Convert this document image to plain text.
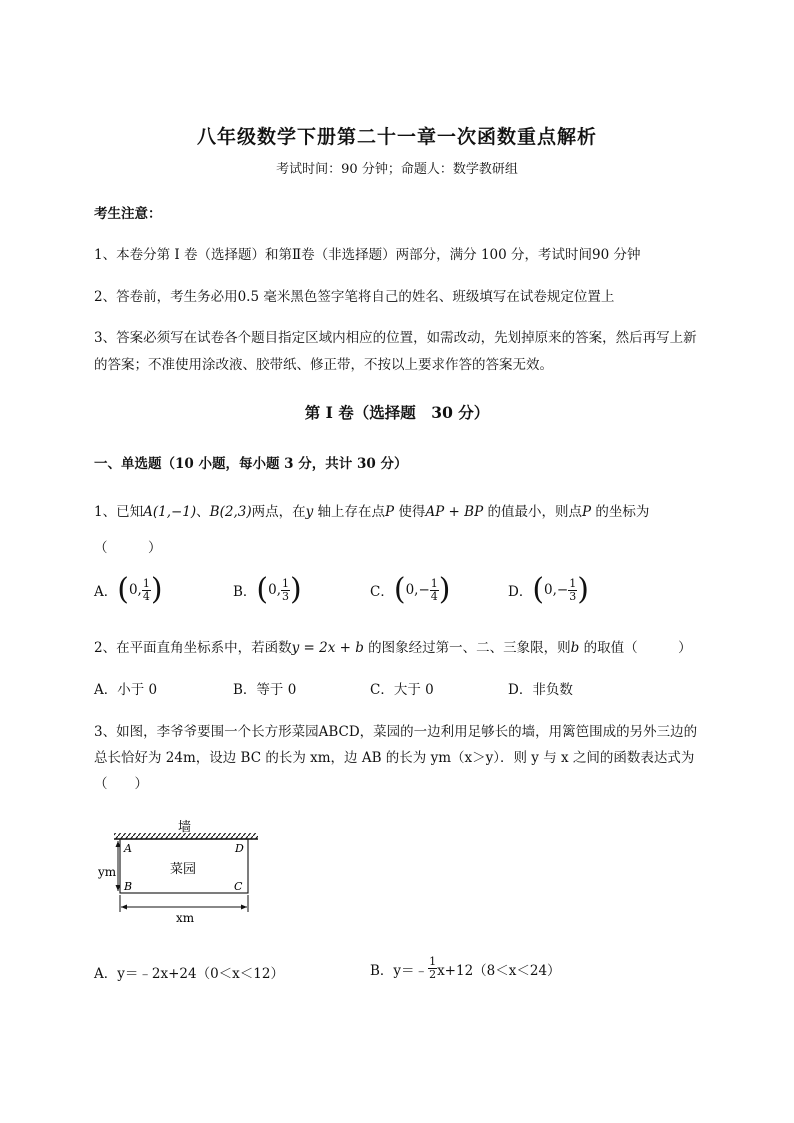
八年级数学下册第二十一章一次函数重点解析
考试时间：90 分钟；命题人：数学教研组
考生注意：
1、本卷分第 I 卷（选择题）和第Ⅱ卷（非选择题）两部分，满分 100 分，考试时间90 分钟
2、答卷前，考生务必用0.5 毫米黑色签字笔将自己的姓名、班级填写在试卷规定位置上
3、答案必须写在试卷各个题目指定区域内相应的位置，如需改动，先划掉原来的答案，然后再写上新
的答案；不准使用涂改液、胶带纸、修正带，不按以上要求作答的答案无效。
第 I 卷（选择题　30 分）
一、单选题（10 小题，每小题 3 分，共计 30 分）
1、已知A(1,−1)、B(2,3)两点，在y 轴上存在点P 使得AP + BP 的值最小，则点P 的坐标为
（　　　）
A．(0, $\frac{1}{4}$ )	B．(0, $\frac{1}{3}$ )	C．($0,- \frac{1}{4}$ )	D．($0,- \frac{1}{3}$ )
2、在平面直角坐标系中，若函数y = 2x + b 的图象经过第一、二、三象限，则b 的取值（　　　）
A．小于 0	B．等于 0	C．大于 0	D．非负数
3、如图，李爷爷要围一个长方形菜园ABCD，菜园的一边利用足够长的墙，用篱笆围成的另外三边的
总长恰好为 24m，设边 BC 的长为 xm，边 AB 的长为 ym（x＞y）．则 y 与 x 之间的函数表达式为
（　　）
墙
A	D
B	C
菜园
ym
xm
A．y＝﹣2x+24（0＜x＜12）	B．y＝﹣ $\frac{1}{2} x+12(8<x<24)$
